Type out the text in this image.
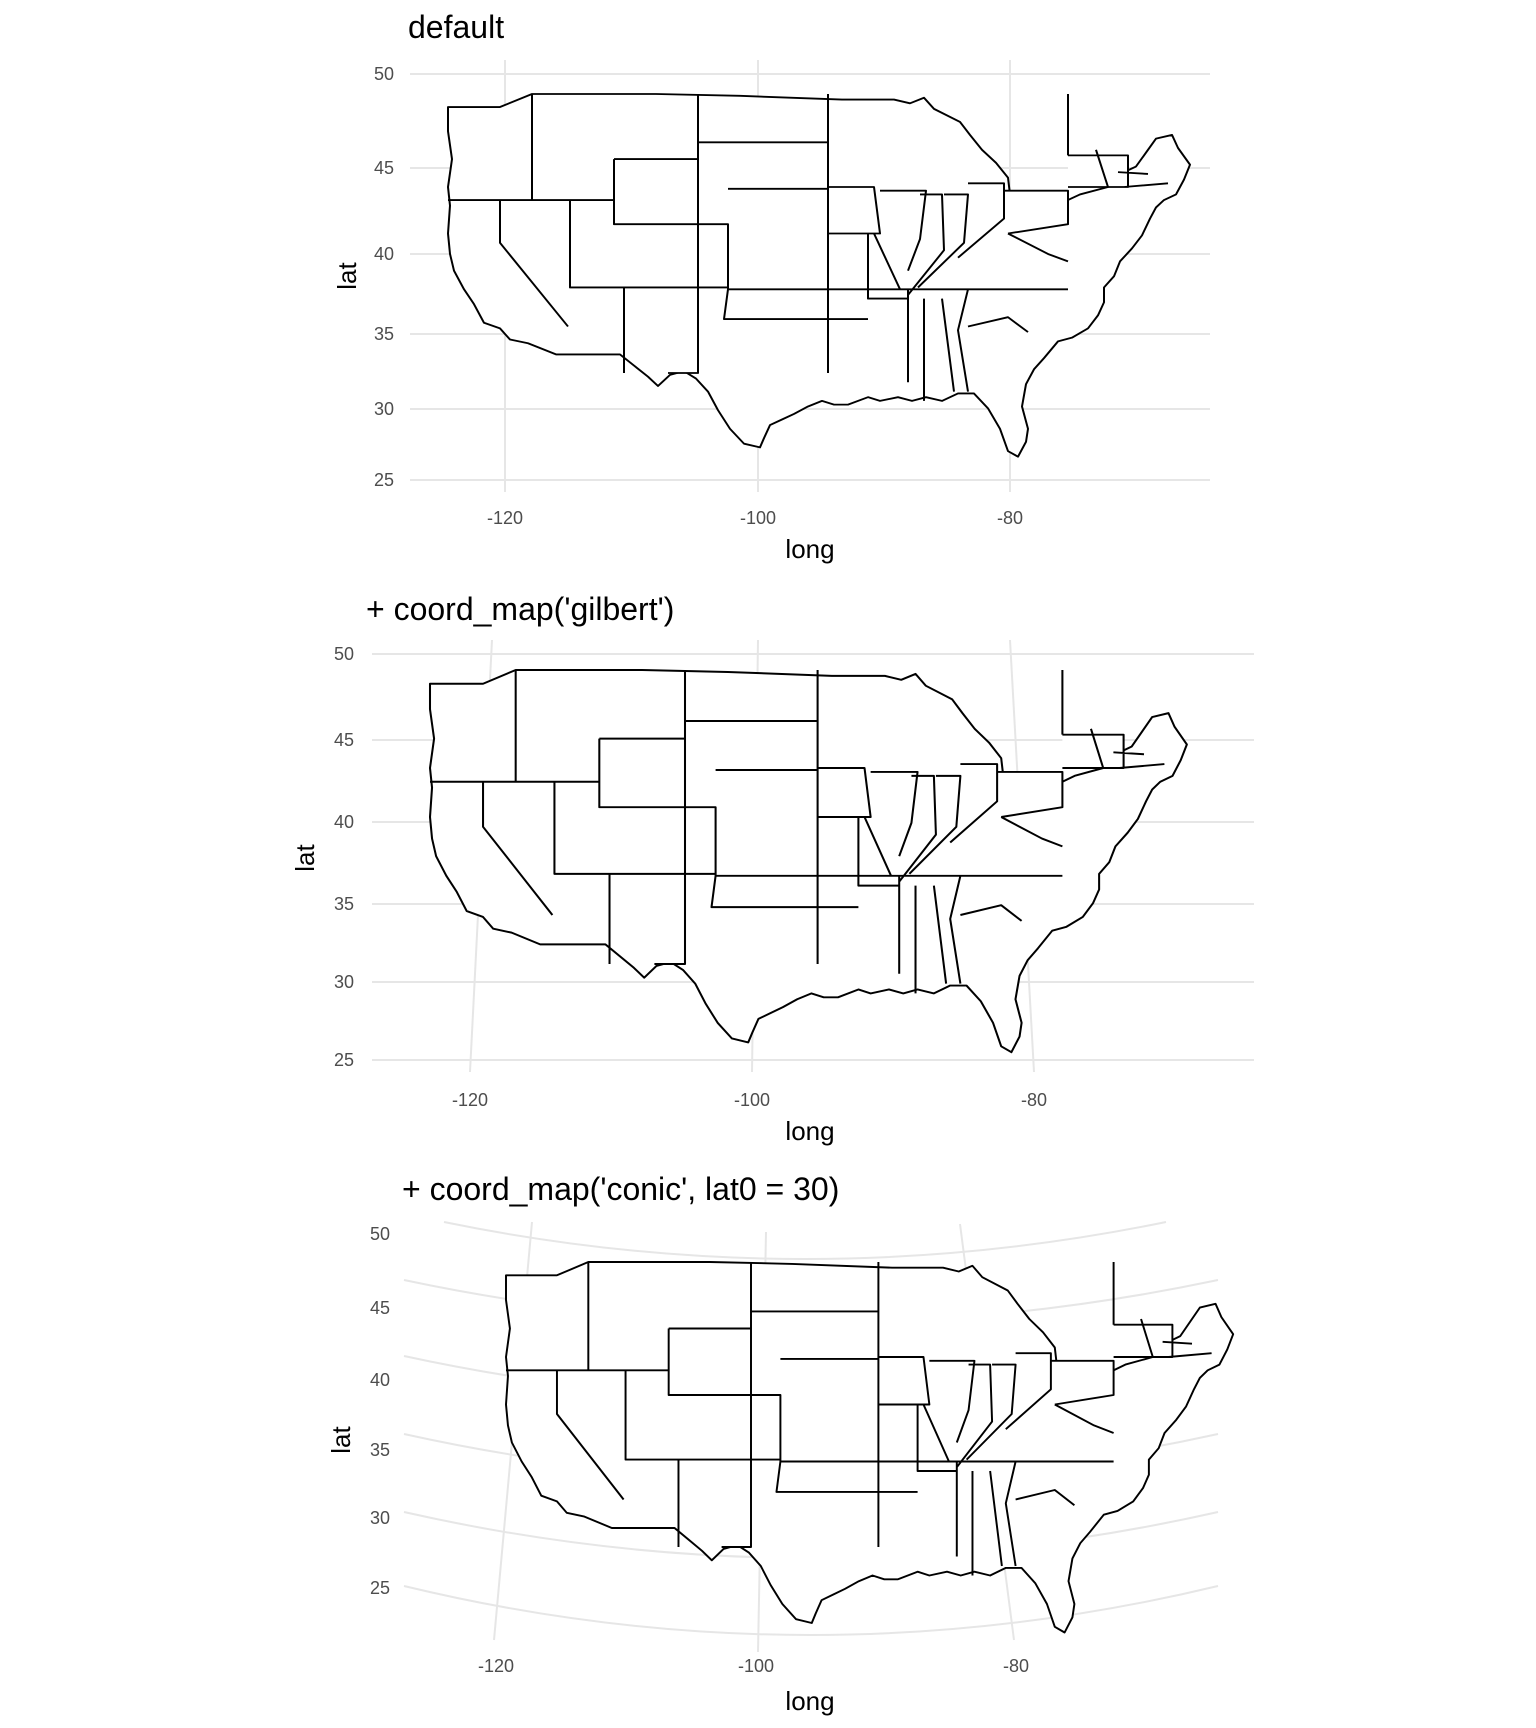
default
50
45
40
35
30
25
-120	-100	-80
long
lat
+ coord_map('gilbert')
50
45
40
35
30
25
-120	-100	-80
long
lat
+ coord_map('conic', lat0 = 30)
50
45
40
35
30
25
-120	-100	-80
long
lat
